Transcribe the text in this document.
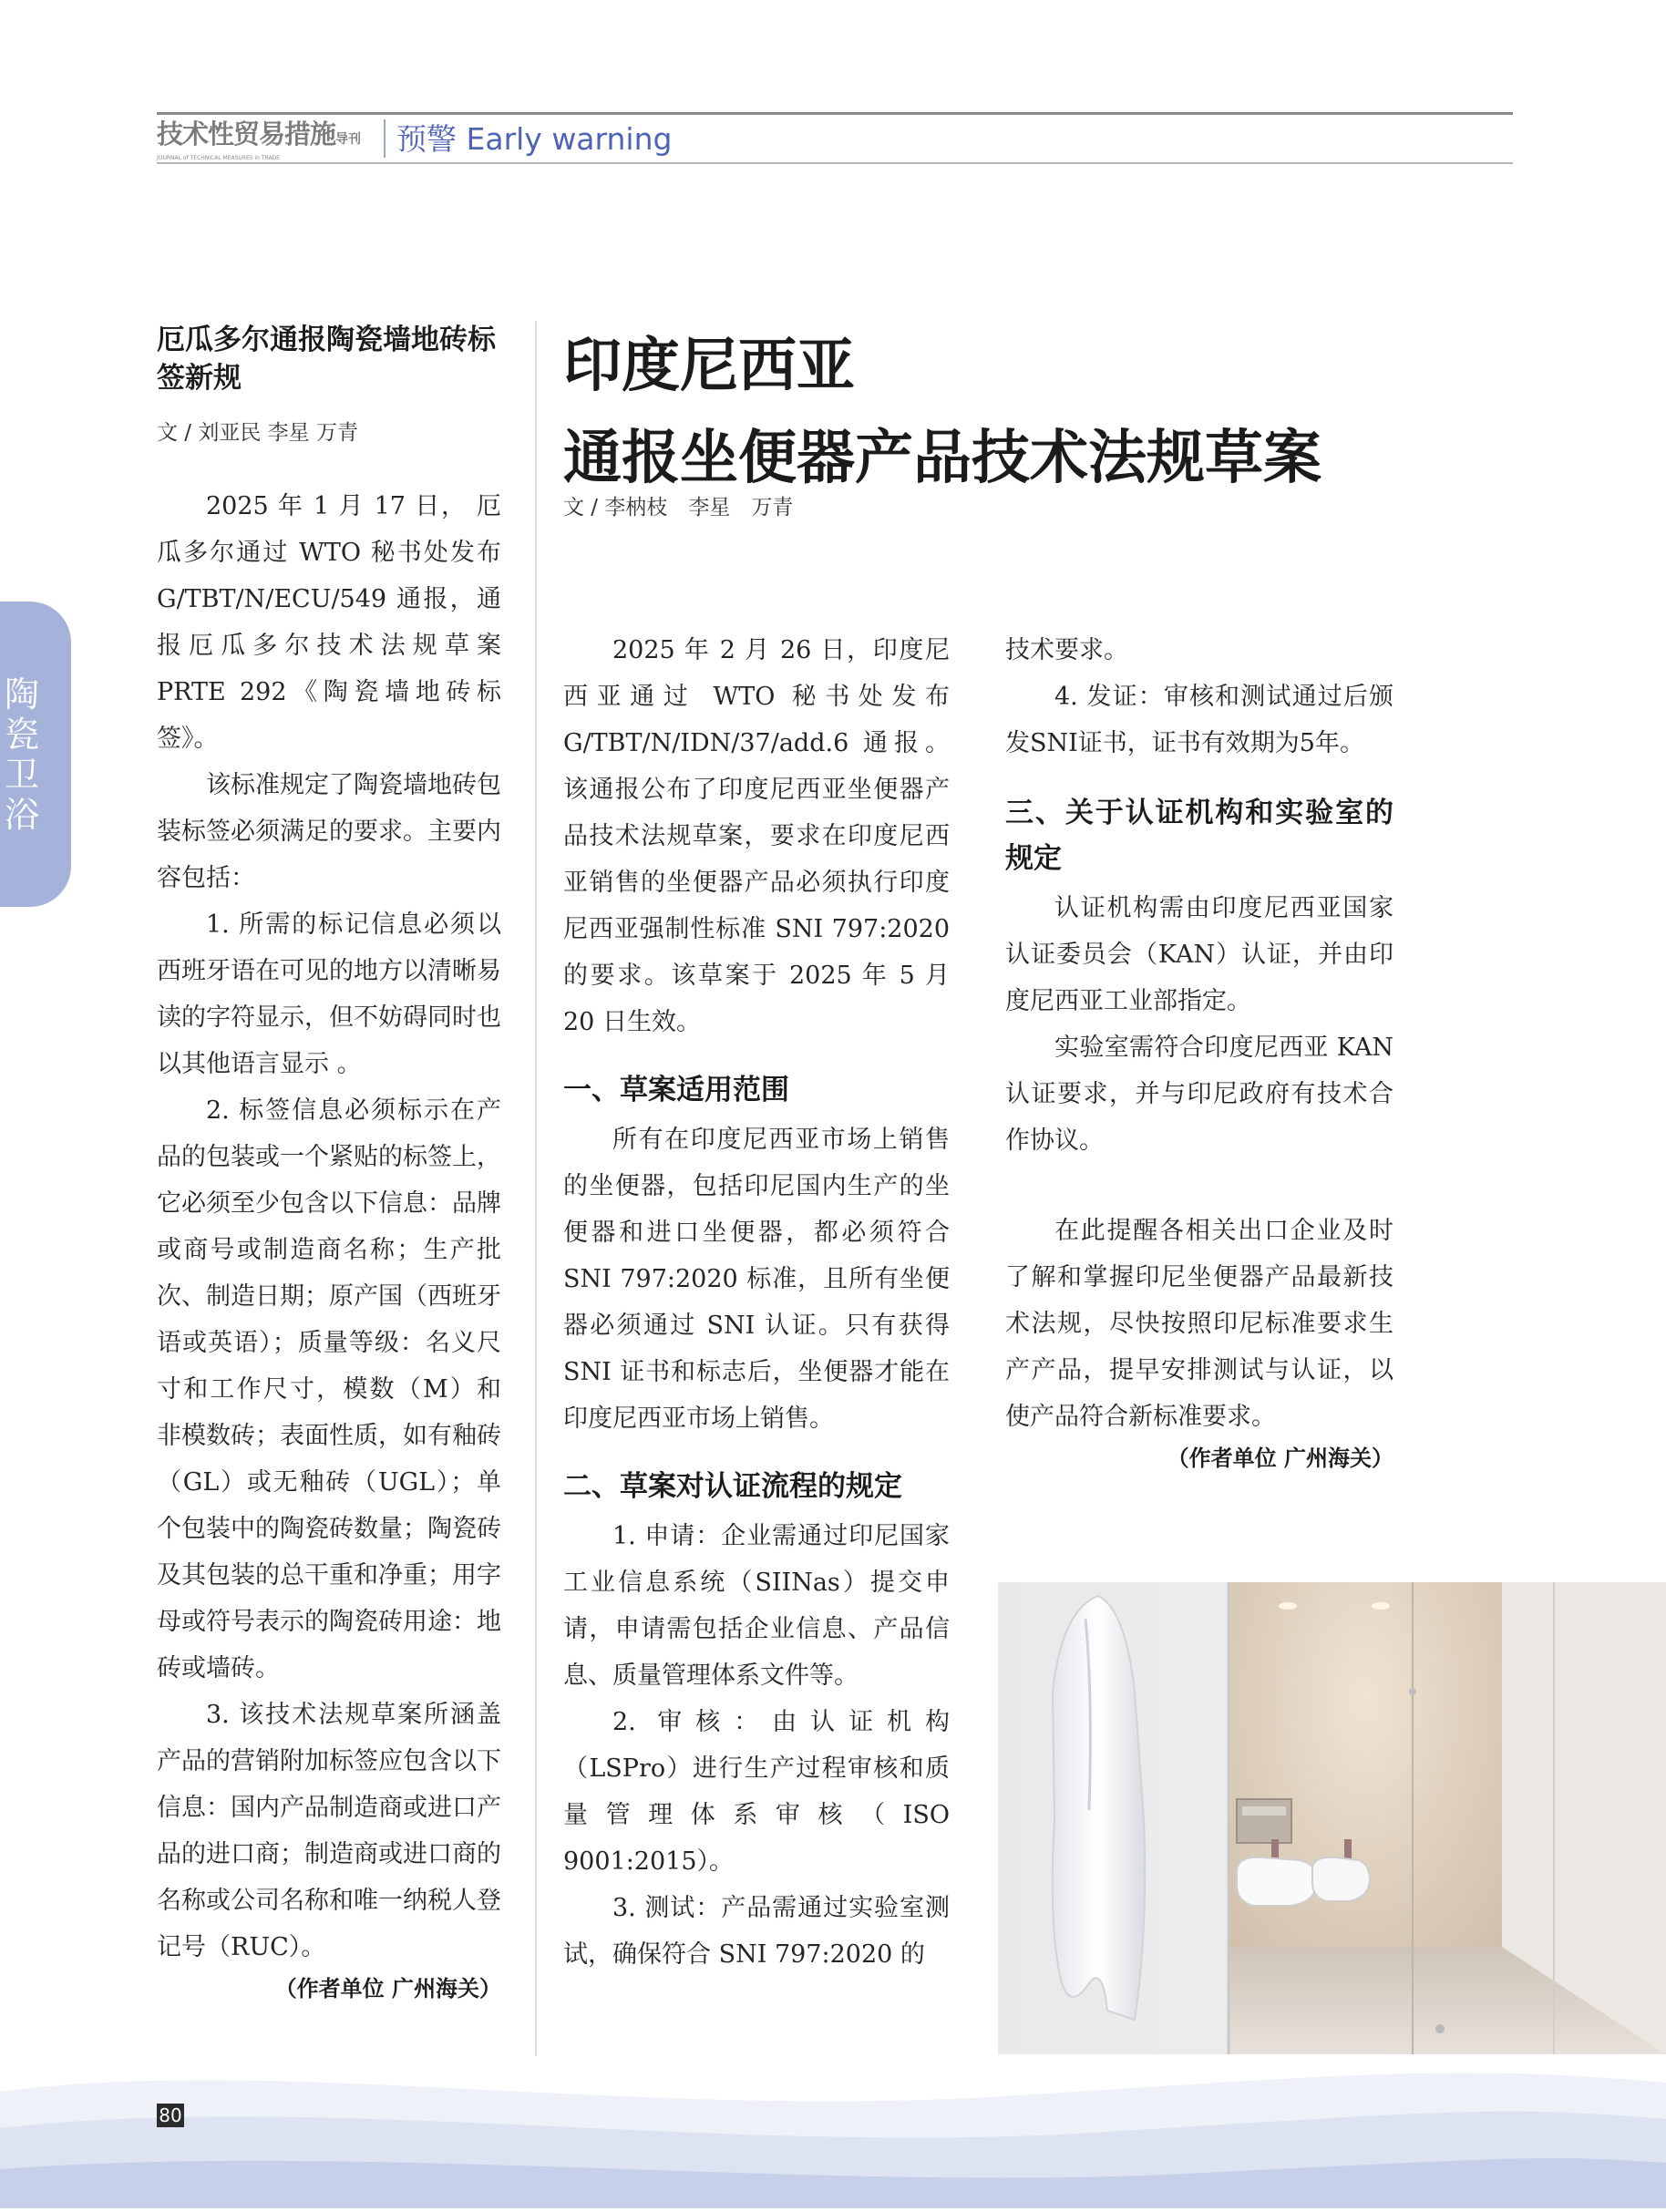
技术性贸易措施导刊
JOURNAL of TECHNICAL MEASURES in TRADE
预警 Early warning
陶瓷卫浴
厄瓜多尔通报陶瓷墙地砖标签新规
文 / 刘亚民 李星 万青

2025 年 1 月 17 日， 厄瓜多尔通过 WTO 秘书处发布 G/TBT/N/ECU/549 通报，通报厄瓜多尔技术法规草案 PRTE 292《陶瓷墙地砖标签》。

该标准规定了陶瓷墙地砖包装标签必须满足的要求。主要内容包括：

1. 所需的标记信息必须以西班牙语在可见的地方以清晰易读的字符显示，但不妨碍同时也以其他语言显示 。

2. 标签信息必须标示在产品的包装或一个紧贴的标签上，它必须至少包含以下信息：品牌或商号或制造商名称；生产批次、制造日期；原产国（西班牙语或英语）；质量等级：名义尺寸和工作尺寸，模数（M）和非模数砖；表面性质，如有釉砖（GL）或无釉砖（UGL）；单个包装中的陶瓷砖数量；陶瓷砖及其包装的总干重和净重；用字母或符号表示的陶瓷砖用途：地砖或墙砖。

3. 该技术法规草案所涵盖产品的营销附加标签应包含以下信息：国内产品制造商或进口产品的进口商；制造商或进口商的名称或公司名称和唯一纳税人登记号（RUC）。

（作者单位 广州海关）
印度尼西亚
通报坐便器产品技术法规草案
文 / 李枘枝　李星　万青

2025 年 2 月 26 日，印度尼西亚通过 WTO 秘书处发布 G/TBT/N/IDN/37/add.6 通报。该通报公布了印度尼西亚坐便器产品技术法规草案，要求在印度尼西亚销售的坐便器产品必须执行印度尼西亚强制性标准 SNI 797:2020 的要求。该草案于 2025 年 5 月 20 日生效。

一、草案适用范围

所有在印度尼西亚市场上销售的坐便器，包括印尼国内生产的坐便器和进口坐便器，都必须符合 SNI 797:2020 标准，且所有坐便器必须通过 SNI 认证。只有获得 SNI 证书和标志后，坐便器才能在印度尼西亚市场上销售。

二、草案对认证流程的规定

1. 申请：企业需通过印尼国家工业信息系统（SIINas）提交申请，申请需包括企业信息、产品信息、质量管理体系文件等。

2. 审核：由认证机构（LSPro）进行生产过程审核和质量管理体系审核（ISO 9001:2015）。

3. 测试：产品需通过实验室测试，确保符合 SNI 797:2020 的

技术要求。

4. 发证：审核和测试通过后颁发SNI证书，证书有效期为5年。

三、关于认证机构和实验室的规定

认证机构需由印度尼西亚国家认证委员会（KAN）认证，并由印度尼西亚工业部指定。

实验室需符合印度尼西亚 KAN 认证要求，并与印尼政府有技术合作协议。

在此提醒各相关出口企业及时了解和掌握印尼坐便器产品最新技术法规，尽快按照印尼标准要求生产产品，提早安排测试与认证，以使产品符合新标准要求。

（作者单位 广州海关）
80
